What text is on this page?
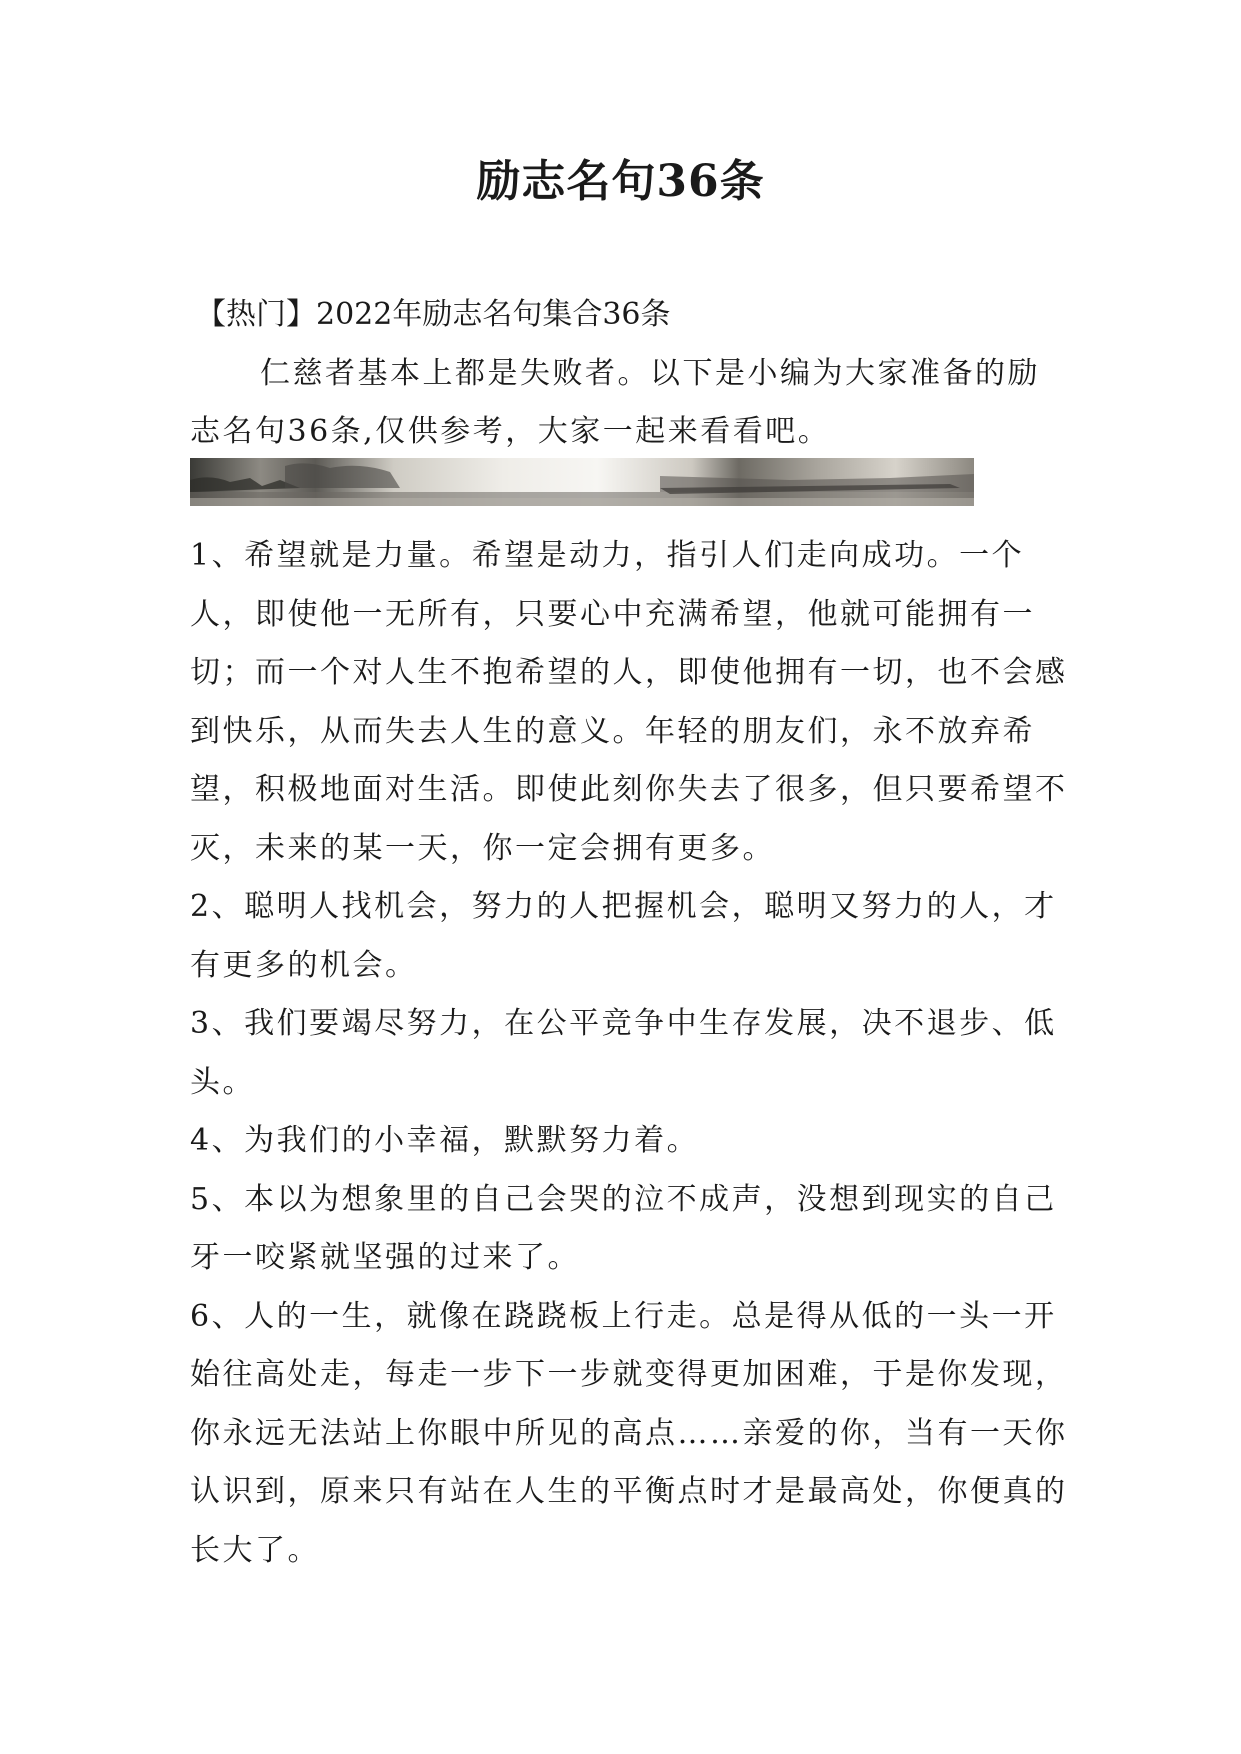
励志名句36条

【热门】2022年励志名句集合36条

仁慈者基本上都是失败者。以下是小编为大家准备的励志名句36条,仅供参考，大家一起来看看吧。

1、希望就是力量。希望是动力，指引人们走向成功。一个人，即使他一无所有，只要心中充满希望，他就可能拥有一切；而一个对人生不抱希望的人，即使他拥有一切，也不会感到快乐，从而失去人生的意义。年轻的朋友们，永不放弃希望，积极地面对生活。即使此刻你失去了很多，但只要希望不灭，未来的某一天，你一定会拥有更多。

2、聪明人找机会，努力的人把握机会，聪明又努力的人，才有更多的机会。

3、我们要竭尽努力，在公平竞争中生存发展，决不退步、低头。

4、为我们的小幸福，默默努力着。

5、本以为想象里的自己会哭的泣不成声，没想到现实的自己牙一咬紧就坚强的过来了。

6、人的一生，就像在跷跷板上行走。总是得从低的一头一开始往高处走，每走一步下一步就变得更加困难，于是你发现，你永远无法站上你眼中所见的高点……亲爱的你，当有一天你认识到，原来只有站在人生的平衡点时才是最高处，你便真的长大了。
